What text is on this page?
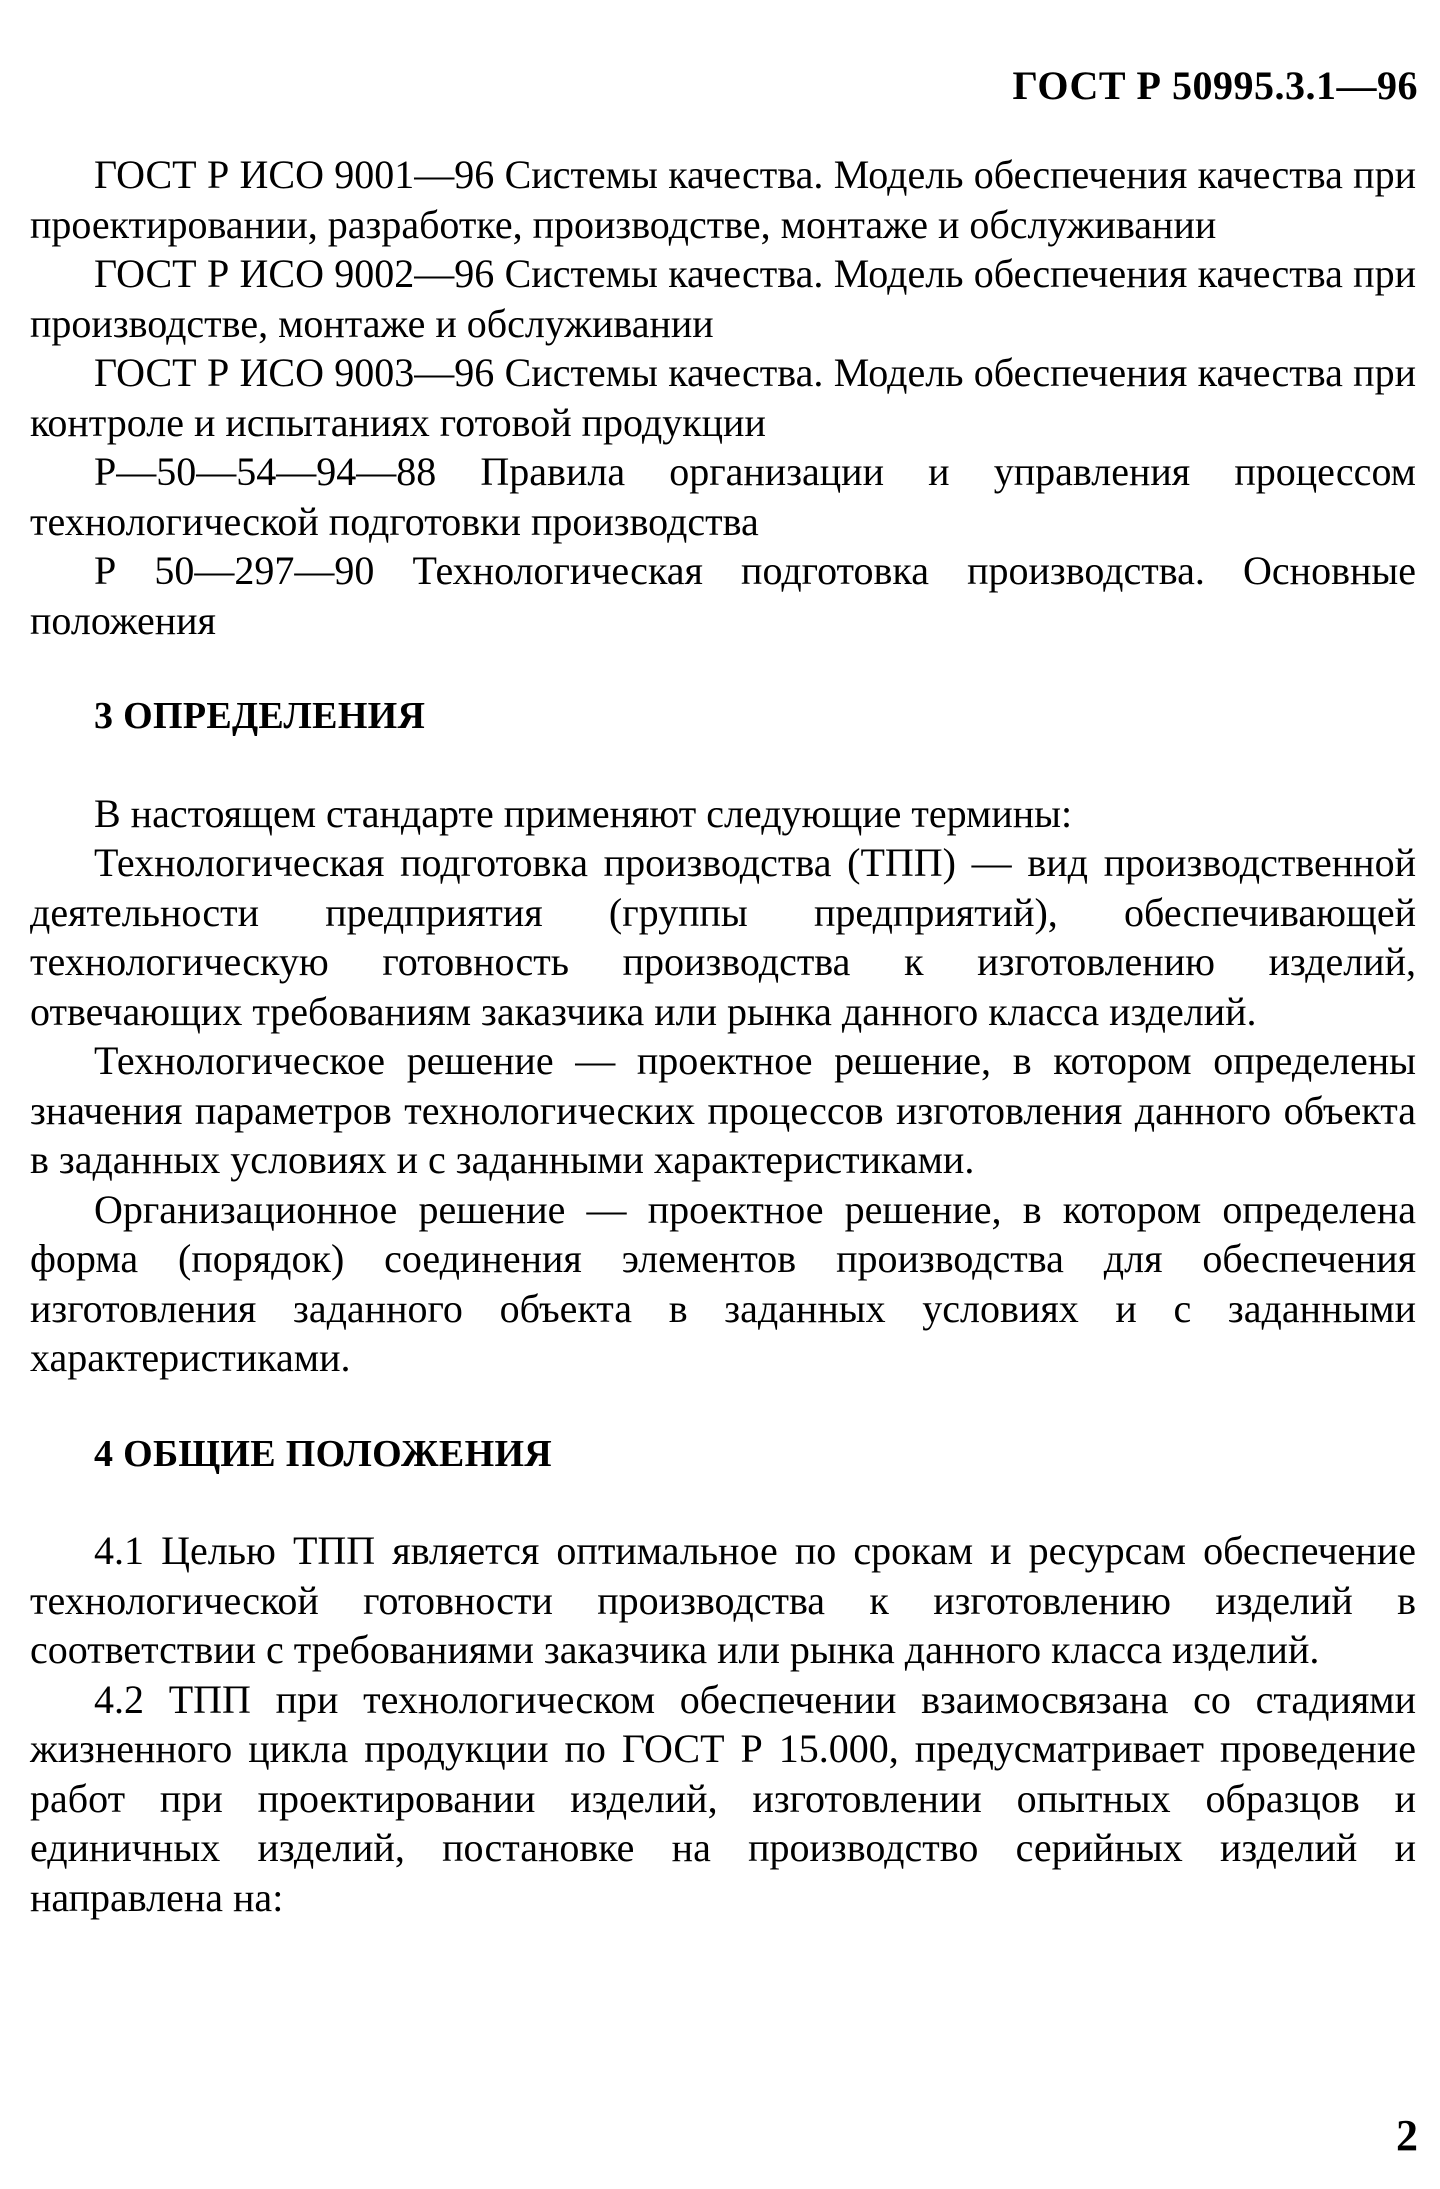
ГОСТ Р 50995.3.1—96

ГОСТ Р ИСО 9001—96 Системы качества. Модель обеспечения качества при проектировании, разработке, производстве, монтаже и обслуживании

ГОСТ Р ИСО 9002—96 Системы качества. Модель обеспечения качества при производстве, монтаже и обслуживании

ГОСТ Р ИСО 9003—96 Системы качества. Модель обеспечения качества при контроле и испытаниях готовой продукции

Р—50—54—94—88 Правила организации и управления процессом технологической подготовки производства

Р 50—297—90 Технологическая подготовка производства. Основные положения

3 ОПРЕДЕЛЕНИЯ

В настоящем стандарте применяют следующие термины:

Технологическая подготовка производства (ТПП) — вид производственной деятельности предприятия (группы предприятий), обеспечивающей технологическую готовность производства к изготовлению изделий, отвечающих требованиям заказчика или рынка данного класса изделий.

Технологическое решение — проектное решение, в котором определены значения параметров технологических процессов изготовления данного объекта в заданных условиях и с заданными характеристиками.

Организационное решение — проектное решение, в котором определена форма (порядок) соединения элементов производства для обеспечения изготовления заданного объекта в заданных условиях и с заданными характеристиками.

4 ОБЩИЕ ПОЛОЖЕНИЯ

4.1 Целью ТПП является оптимальное по срокам и ресурсам обеспечение технологической готовности производства к изготовлению изделий в соответствии с требованиями заказчика или рынка данного класса изделий.

4.2 ТПП при технологическом обеспечении взаимосвязана со стадиями жизненного цикла продукции по ГОСТ Р 15.000, предусматривает проведение работ при проектировании изделий, изготовлении опытных образцов и единичных изделий, постановке на производство серийных изделий и направлена на:

2
